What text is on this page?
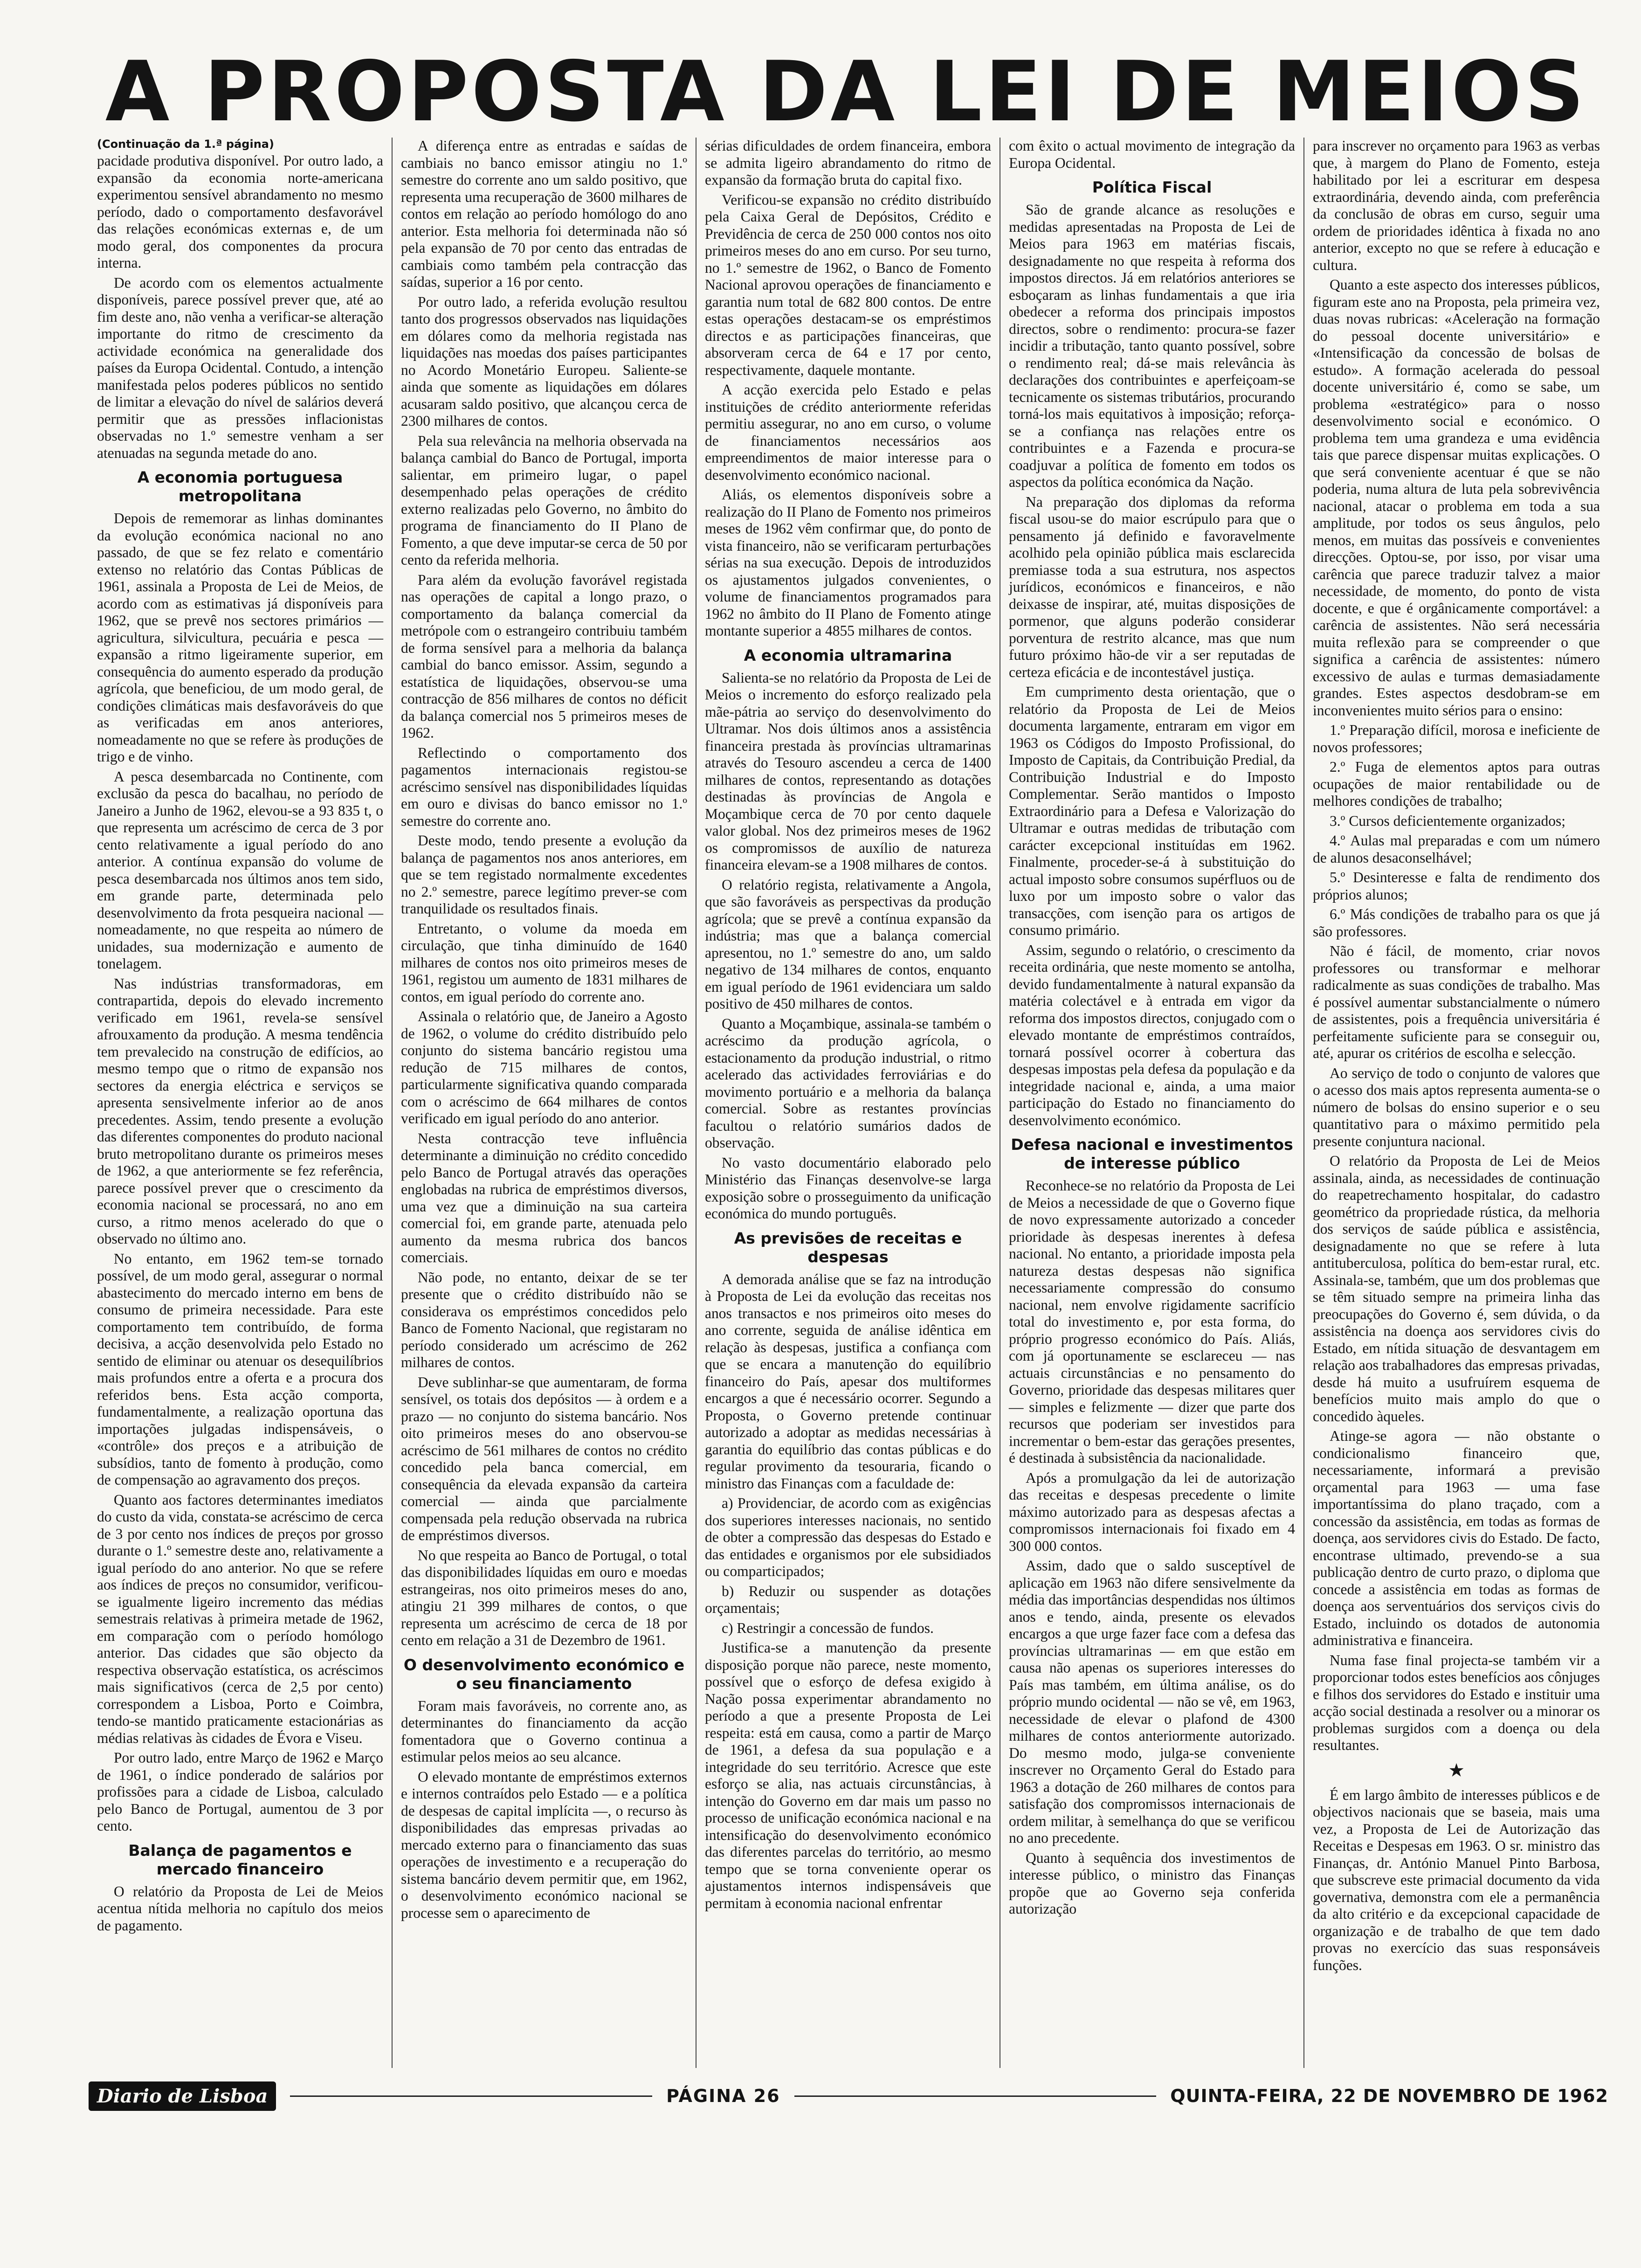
A PROPOSTA DA LEI DE MEIOS
(Continuação da 1.ª página)

pacidade produtiva disponível. Por outro lado, a expansão da economia norte-americana experimentou sensível abrandamento no mesmo período, dado o comportamento desfavorável das relações económicas externas e, de um modo geral, dos componentes da procura interna.

De acordo com os elementos actualmente disponíveis, parece possível prever que, até ao fim deste ano, não venha a verificar-se alteração importante do ritmo de crescimento da actividade económica na generalidade dos países da Europa Ocidental. Contudo, a intenção manifestada pelos poderes públicos no sentido de limitar a elevação do nível de salários deverá permitir que as pressões inflacionistas observadas no 1.º semestre venham a ser atenuadas na segunda metade do ano.

A economia portuguesa metropolitana

Depois de rememorar as linhas dominantes da evolução económica nacional no ano passado, de que se fez relato e comentário extenso no relatório das Contas Públicas de 1961, assinala a Proposta de Lei de Meios, de acordo com as estimativas já disponíveis para 1962, que se prevê nos sectores primários — agricultura, silvicultura, pecuária e pesca — expansão a ritmo ligeiramente superior, em consequência do aumento esperado da produção agrícola, que beneficiou, de um modo geral, de condições climáticas mais desfavoráveis do que as verificadas em anos anteriores, nomeadamente no que se refere às produções de trigo e de vinho.

A pesca desembarcada no Continente, com exclusão da pesca do bacalhau, no período de Janeiro a Junho de 1962, elevou-se a 93 835 t, o que representa um acréscimo de cerca de 3 por cento relativamente a igual período do ano anterior. A contínua expansão do volume de pesca desembarcada nos últimos anos tem sido, em grande parte, determinada pelo desenvolvimento da frota pesqueira nacional — nomeadamente, no que respeita ao número de unidades, sua modernização e aumento de tonelagem.

Nas indústrias transformadoras, em contrapartida, depois do elevado incremento verificado em 1961, revela-se sensível afrouxamento da produção. A mesma tendência tem prevalecido na construção de edifícios, ao mesmo tempo que o ritmo de expansão nos sectores da energia eléctrica e serviços se apresenta sensivelmente inferior ao de anos precedentes. Assim, tendo presente a evolução das diferentes componentes do produto nacional bruto metropolitano durante os primeiros meses de 1962, a que anteriormente se fez referência, parece possível prever que o crescimento da economia nacional se processará, no ano em curso, a ritmo menos acelerado do que o observado no último ano.

No entanto, em 1962 tem-se tornado possível, de um modo geral, assegurar o normal abastecimento do mercado interno em bens de consumo de primeira necessidade. Para este comportamento tem contribuído, de forma decisiva, a acção desenvolvida pelo Estado no sentido de eliminar ou atenuar os desequilíbrios mais profundos entre a oferta e a procura dos referidos bens. Esta acção comporta, fundamentalmente, a realização oportuna das importações julgadas indispensáveis, o «contrôle» dos preços e a atribuição de subsídios, tanto de fomento à produção, como de compensação ao agravamento dos preços.

Quanto aos factores determinantes imediatos do custo da vida, constata-se acréscimo de cerca de 3 por cento nos índices de preços por grosso durante o 1.º semestre deste ano, relativamente a igual período do ano anterior. No que se refere aos índices de preços no consumidor, verificou-se igualmente ligeiro incremento das médias semestrais relativas à primeira metade de 1962, em comparação com o período homólogo anterior. Das cidades que são objecto da respectiva observação estatística, os acréscimos mais significativos (cerca de 2,5 por cento) correspondem a Lisboa, Porto e Coimbra, tendo-se mantido praticamente estacionárias as médias relativas às cidades de Évora e Viseu.

Por outro lado, entre Março de 1962 e Março de 1961, o índice ponderado de salários por profissões para a cidade de Lisboa, calculado pelo Banco de Portugal, aumentou de 3 por cento.

Balança de pagamentos e mercado financeiro

O relatório da Proposta de Lei de Meios acentua nítida melhoria no capítulo dos meios de pagamento.

A diferença entre as entradas e saídas de cambiais no banco emissor atingiu no 1.º semestre do corrente ano um saldo positivo, que representa uma recuperação de 3600 milhares de contos em relação ao período homólogo do ano anterior. Esta melhoria foi determinada não só pela expansão de 70 por cento das entradas de cambiais como também pela contracção das saídas, superior a 16 por cento.

Por outro lado, a referida evolução resultou tanto dos progressos observados nas liquidações em dólares como da melhoria registada nas liquidações nas moedas dos países participantes no Acordo Monetário Europeu. Saliente-se ainda que somente as liquidações em dólares acusaram saldo positivo, que alcançou cerca de 2300 milhares de contos.

Pela sua relevância na melhoria observada na balança cambial do Banco de Portugal, importa salientar, em primeiro lugar, o papel desempenhado pelas operações de crédito externo realizadas pelo Governo, no âmbito do programa de financiamento do II Plano de Fomento, a que deve imputar-se cerca de 50 por cento da referida melhoria.

Para além da evolução favorável registada nas operações de capital a longo prazo, o comportamento da balança comercial da metrópole com o estrangeiro contribuiu também de forma sensível para a melhoria da balança cambial do banco emissor. Assim, segundo a estatística de liquidações, observou-se uma contracção de 856 milhares de contos no déficit da balança comercial nos 5 primeiros meses de 1962.

Reflectindo o comportamento dos pagamentos internacionais registou-se acréscimo sensível nas disponibilidades líquidas em ouro e divisas do banco emissor no 1.º semestre do corrente ano.

Deste modo, tendo presente a evolução da balança de pagamentos nos anos anteriores, em que se tem registado normalmente excedentes no 2.º semestre, parece legítimo prever-se com tranquilidade os resultados finais.

Entretanto, o volume da moeda em circulação, que tinha diminuído de 1640 milhares de contos nos oito primeiros meses de 1961, registou um aumento de 1831 milhares de contos, em igual período do corrente ano.

Assinala o relatório que, de Janeiro a Agosto de 1962, o volume do crédito distribuído pelo conjunto do sistema bancário registou uma redução de 715 milhares de contos, particularmente significativa quando comparada com o acréscimo de 664 milhares de contos verificado em igual período do ano anterior.

Nesta contracção teve influência determinante a diminuição no crédito concedido pelo Banco de Portugal através das operações englobadas na rubrica de empréstimos diversos, uma vez que a diminuição na sua carteira comercial foi, em grande parte, atenuada pelo aumento da mesma rubrica dos bancos comerciais.

Não pode, no entanto, deixar de se ter presente que o crédito distribuído não se considerava os empréstimos concedidos pelo Banco de Fomento Nacional, que registaram no período considerado um acréscimo de 262 milhares de contos.

Deve sublinhar-se que aumentaram, de forma sensível, os totais dos depósitos — à ordem e a prazo — no conjunto do sistema bancário. Nos oito primeiros meses do ano observou-se acréscimo de 561 milhares de contos no crédito concedido pela banca comercial, em consequência da elevada expansão da carteira comercial — ainda que parcialmente compensada pela redução observada na rubrica de empréstimos diversos.

No que respeita ao Banco de Portugal, o total das disponibilidades líquidas em ouro e moedas estrangeiras, nos oito primeiros meses do ano, atingiu 21 399 milhares de contos, o que representa um acréscimo de cerca de 18 por cento em relação a 31 de Dezembro de 1961.

O desenvolvimento económico e o seu financiamento

Foram mais favoráveis, no corrente ano, as determinantes do financiamento da acção fomentadora que o Governo continua a estimular pelos meios ao seu alcance.

O elevado montante de empréstimos externos e internos contraídos pelo Estado — e a política de despesas de capital implícita —, o recurso às disponibilidades das empresas privadas ao mercado externo para o financiamento das suas operações de investimento e a recuperação do sistema bancário devem permitir que, em 1962, o desenvolvimento económico nacional se processe sem o aparecimento de

sérias dificuldades de ordem financeira, embora se admita ligeiro abrandamento do ritmo de expansão da formação bruta do capital fixo.

Verificou-se expansão no crédito distribuído pela Caixa Geral de Depósitos, Crédito e Previdência de cerca de 250 000 contos nos oito primeiros meses do ano em curso. Por seu turno, no 1.º semestre de 1962, o Banco de Fomento Nacional aprovou operações de financiamento e garantia num total de 682 800 contos. De entre estas operações destacam-se os empréstimos directos e as participações financeiras, que absorveram cerca de 64 e 17 por cento, respectivamente, daquele montante.

A acção exercida pelo Estado e pelas instituições de crédito anteriormente referidas permitiu assegurar, no ano em curso, o volume de financiamentos necessários aos empreendimentos de maior interesse para o desenvolvimento económico nacional.

Aliás, os elementos disponíveis sobre a realização do II Plano de Fomento nos primeiros meses de 1962 vêm confirmar que, do ponto de vista financeiro, não se verificaram perturbações sérias na sua execução. Depois de introduzidos os ajustamentos julgados convenientes, o volume de financiamentos programados para 1962 no âmbito do II Plano de Fomento atinge montante superior a 4855 milhares de contos.

A economia ultramarina

Salienta-se no relatório da Proposta de Lei de Meios o incremento do esforço realizado pela mãe-pátria ao serviço do desenvolvimento do Ultramar. Nos dois últimos anos a assistência financeira prestada às províncias ultramarinas através do Tesouro ascendeu a cerca de 1400 milhares de contos, representando as dotações destinadas às províncias de Angola e Moçambique cerca de 70 por cento daquele valor global. Nos dez primeiros meses de 1962 os compromissos de auxílio de natureza financeira elevam-se a 1908 milhares de contos.

O relatório regista, relativamente a Angola, que são favoráveis as perspectivas da produção agrícola; que se prevê a contínua expansão da indústria; mas que a balança comercial apresentou, no 1.º semestre do ano, um saldo negativo de 134 milhares de contos, enquanto em igual período de 1961 evidenciara um saldo positivo de 450 milhares de contos.

Quanto a Moçambique, assinala-se também o acréscimo da produção agrícola, o estacionamento da produção industrial, o ritmo acelerado das actividades ferroviárias e do movimento portuário e a melhoria da balança comercial. Sobre as restantes províncias facultou o relatório sumários dados de observação.

No vasto documentário elaborado pelo Ministério das Finanças desenvolve-se larga exposição sobre o prosseguimento da unificação económica do mundo português.

As previsões de receitas e despesas

A demorada análise que se faz na introdução à Proposta de Lei da evolução das receitas nos anos transactos e nos primeiros oito meses do ano corrente, seguida de análise idêntica em relação às despesas, justifica a confiança com que se encara a manutenção do equilíbrio financeiro do País, apesar dos multiformes encargos a que é necessário ocorrer. Segundo a Proposta, o Governo pretende continuar autorizado a adoptar as medidas necessárias à garantia do equilíbrio das contas públicas e do regular provimento da tesouraria, ficando o ministro das Finanças com a faculdade de:

a) Providenciar, de acordo com as exigências dos superiores interesses nacionais, no sentido de obter a compressão das despesas do Estado e das entidades e organismos por ele subsidiados ou comparticipados;

b) Reduzir ou suspender as dotações orçamentais;

c) Restringir a concessão de fundos.

Justifica-se a manutenção da presente disposição porque não parece, neste momento, possível que o esforço de defesa exigido à Nação possa experimentar abrandamento no período a que a presente Proposta de Lei respeita: está em causa, como a partir de Março de 1961, a defesa da sua população e a integridade do seu território. Acresce que este esforço se alia, nas actuais circunstâncias, à intenção do Governo em dar mais um passo no processo de unificação económica nacional e na intensificação do desenvolvimento económico das diferentes parcelas do território, ao mesmo tempo que se torna conveniente operar os ajustamentos internos indispensáveis que permitam à economia nacional enfrentar

com êxito o actual movimento de integração da Europa Ocidental.

Política Fiscal

São de grande alcance as resoluções e medidas apresentadas na Proposta de Lei de Meios para 1963 em matérias fiscais, designadamente no que respeita à reforma dos impostos directos. Já em relatórios anteriores se esboçaram as linhas fundamentais a que iria obedecer a reforma dos principais impostos directos, sobre o rendimento: procura-se fazer incidir a tributação, tanto quanto possível, sobre o rendimento real; dá-se mais relevância às declarações dos contribuintes e aperfeiçoam-se tecnicamente os sistemas tributários, procurando torná-los mais equitativos à imposição; reforça-se a confiança nas relações entre os contribuintes e a Fazenda e procura-se coadjuvar a política de fomento em todos os aspectos da política económica da Nação.

Na preparação dos diplomas da reforma fiscal usou-se do maior escrúpulo para que o pensamento já definido e favoravelmente acolhido pela opinião pública mais esclarecida premiasse toda a sua estrutura, nos aspectos jurídicos, económicos e financeiros, e não deixasse de inspirar, até, muitas disposições de pormenor, que alguns poderão considerar porventura de restrito alcance, mas que num futuro próximo hão-de vir a ser reputadas de certeza eficácia e de incontestável justiça.

Em cumprimento desta orientação, que o relatório da Proposta de Lei de Meios documenta largamente, entraram em vigor em 1963 os Códigos do Imposto Profissional, do Imposto de Capitais, da Contribuição Predial, da Contribuição Industrial e do Imposto Complementar. Serão mantidos o Imposto Extraordinário para a Defesa e Valorização do Ultramar e outras medidas de tributação com carácter excepcional instituídas em 1962. Finalmente, proceder-se-á à substituição do actual imposto sobre consumos supérfluos ou de luxo por um imposto sobre o valor das transacções, com isenção para os artigos de consumo primário.

Assim, segundo o relatório, o crescimento da receita ordinária, que neste momento se antolha, devido fundamentalmente à natural expansão da matéria colectável e à entrada em vigor da reforma dos impostos directos, conjugado com o elevado montante de empréstimos contraídos, tornará possível ocorrer à cobertura das despesas impostas pela defesa da população e da integridade nacional e, ainda, a uma maior participação do Estado no financiamento do desenvolvimento económico.

Defesa nacional e investimentos de interesse público

Reconhece-se no relatório da Proposta de Lei de Meios a necessidade de que o Governo fique de novo expressamente autorizado a conceder prioridade às despesas inerentes à defesa nacional. No entanto, a prioridade imposta pela natureza destas despesas não significa necessariamente compressão do consumo nacional, nem envolve rigidamente sacrifício total do investimento e, por esta forma, do próprio progresso económico do País. Aliás, com já oportunamente se esclareceu — nas actuais circunstâncias e no pensamento do Governo, prioridade das despesas militares quer — simples e felizmente — dizer que parte dos recursos que poderiam ser investidos para incrementar o bem-estar das gerações presentes, é destinada à subsistência da nacionalidade.

Após a promulgação da lei de autorização das receitas e despesas precedente o limite máximo autorizado para as despesas afectas a compromissos internacionais foi fixado em 4 300 000 contos.

Assim, dado que o saldo susceptível de aplicação em 1963 não difere sensivelmente da média das importâncias despendidas nos últimos anos e tendo, ainda, presente os elevados encargos a que urge fazer face com a defesa das províncias ultramarinas — em que estão em causa não apenas os superiores interesses do País mas também, em última análise, os do próprio mundo ocidental — não se vê, em 1963, necessidade de elevar o plafond de 4300 milhares de contos anteriormente autorizado. Do mesmo modo, julga-se conveniente inscrever no Orçamento Geral do Estado para 1963 a dotação de 260 milhares de contos para satisfação dos compromissos internacionais de ordem militar, à semelhança do que se verificou no ano precedente.

Quanto à sequência dos investimentos de interesse público, o ministro das Finanças propõe que ao Governo seja conferida autorização

para inscrever no orçamento para 1963 as verbas que, à margem do Plano de Fomento, esteja habilitado por lei a escriturar em despesa extraordinária, devendo ainda, com preferência da conclusão de obras em curso, seguir uma ordem de prioridades idêntica à fixada no ano anterior, excepto no que se refere à educação e cultura.

Quanto a este aspecto dos interesses públicos, figuram este ano na Proposta, pela primeira vez, duas novas rubricas: «Aceleração na formação do pessoal docente universitário» e «Intensificação da concessão de bolsas de estudo». A formação acelerada do pessoal docente universitário é, como se sabe, um problema «estratégico» para o nosso desenvolvimento social e económico. O problema tem uma grandeza e uma evidência tais que parece dispensar muitas explicações. O que será conveniente acentuar é que se não poderia, numa altura de luta pela sobrevivência nacional, atacar o problema em toda a sua amplitude, por todos os seus ângulos, pelo menos, em muitas das possíveis e convenientes direcções. Optou-se, por isso, por visar uma carência que parece traduzir talvez a maior necessidade, de momento, do ponto de vista docente, e que é orgânicamente comportável: a carência de assistentes. Não será necessária muita reflexão para se compreender o que significa a carência de assistentes: número excessivo de aulas e turmas demasiadamente grandes. Estes aspectos desdobram-se em inconvenientes muito sérios para o ensino:

1.º Preparação difícil, morosa e ineficiente de novos professores;

2.º Fuga de elementos aptos para outras ocupações de maior rentabilidade ou de melhores condições de trabalho;

3.º Cursos deficientemente organizados;

4.º Aulas mal preparadas e com um número de alunos desaconselhável;

5.º Desinteresse e falta de rendimento dos próprios alunos;

6.º Más condições de trabalho para os que já são professores.

Não é fácil, de momento, criar novos professores ou transformar e melhorar radicalmente as suas condições de trabalho. Mas é possível aumentar substancialmente o número de assistentes, pois a frequência universitária é perfeitamente suficiente para se conseguir ou, até, apurar os critérios de escolha e selecção.

Ao serviço de todo o conjunto de valores que o acesso dos mais aptos representa aumenta-se o número de bolsas do ensino superior e o seu quantitativo para o máximo permitido pela presente conjuntura nacional.

O relatório da Proposta de Lei de Meios assinala, ainda, as necessidades de continuação do reapetrechamento hospitalar, do cadastro geométrico da propriedade rústica, da melhoria dos serviços de saúde pública e assistência, designadamente no que se refere à luta antituberculosa, política do bem-estar rural, etc. Assinala-se, também, que um dos problemas que se têm situado sempre na primeira linha das preocupações do Governo é, sem dúvida, o da assistência na doença aos servidores civis do Estado, em nítida situação de desvantagem em relação aos trabalhadores das empresas privadas, desde há muito a usufruírem esquema de benefícios muito mais amplo do que o concedido àqueles.

Atinge-se agora — não obstante o condicionalismo financeiro que, necessariamente, informará a previsão orçamental para 1963 — uma fase importantíssima do plano traçado, com a concessão da assistência, em todas as formas de doença, aos servidores civis do Estado. De facto, encontrase ultimado, prevendo-se a sua publicação dentro de curto prazo, o diploma que concede a assistência em todas as formas de doença aos serventuários dos serviços civis do Estado, incluindo os dotados de autonomia administrativa e financeira.

Numa fase final projecta-se também vir a proporcionar todos estes benefícios aos cônjuges e filhos dos servidores do Estado e instituir uma acção social destinada a resolver ou a minorar os problemas surgidos com a doença ou dela resultantes.

★

É em largo âmbito de interesses públicos e de objectivos nacionais que se baseia, mais uma vez, a Proposta de Lei de Autorização das Receitas e Despesas em 1963. O sr. ministro das Finanças, dr. António Manuel Pinto Barbosa, que subscreve este primacial documento da vida governativa, demonstra com ele a permanência da alto critério e da excepcional capacidade de organização e de trabalho de que tem dado provas no exercício das suas responsáveis funções.

Diario de Lisboa	PÁGINA 26	QUINTA-FEIRA, 22 DE NOVEMBRO DE 1962
